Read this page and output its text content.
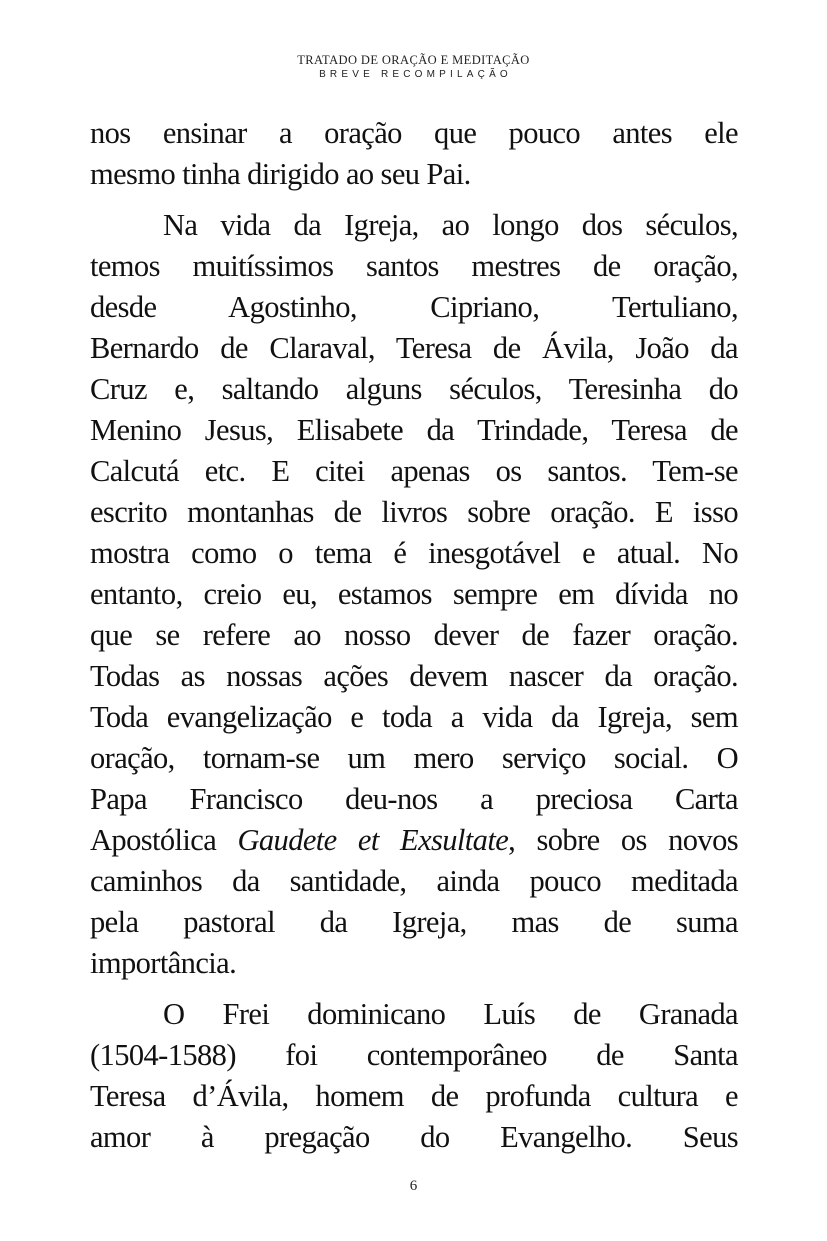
TRATADO DE ORAÇÃO E MEDITAÇÃO
BREVE RECOMPILAÇÃO

nos ensinar a oração que pouco antes ele
mesmo tinha dirigido ao seu Pai.

Na vida da Igreja, ao longo dos séculos,
temos muitíssimos santos mestres de oração,
desde Agostinho, Cipriano, Tertuliano,
Bernardo de Claraval, Teresa de Ávila, João da
Cruz e, saltando alguns séculos, Teresinha do
Menino Jesus, Elisabete da Trindade, Teresa de
Calcutá etc. E citei apenas os santos. Tem-se
escrito montanhas de livros sobre oração. E isso
mostra como o tema é inesgotável e atual. No
entanto, creio eu, estamos sempre em dívida no
que se refere ao nosso dever de fazer oração.
Todas as nossas ações devem nascer da oração.
Toda evangelização e toda a vida da Igreja, sem
oração, tornam-se um mero serviço social. O
Papa Francisco deu-nos a preciosa Carta
Apostólica Gaudete et Exsultate, sobre os novos
caminhos da santidade, ainda pouco meditada
pela pastoral da Igreja, mas de suma
importância.

O Frei dominicano Luís de Granada
(1504-1588) foi contemporâneo de Santa
Teresa d’Ávila, homem de profunda cultura e
amor à pregação do Evangelho. Seus

6
